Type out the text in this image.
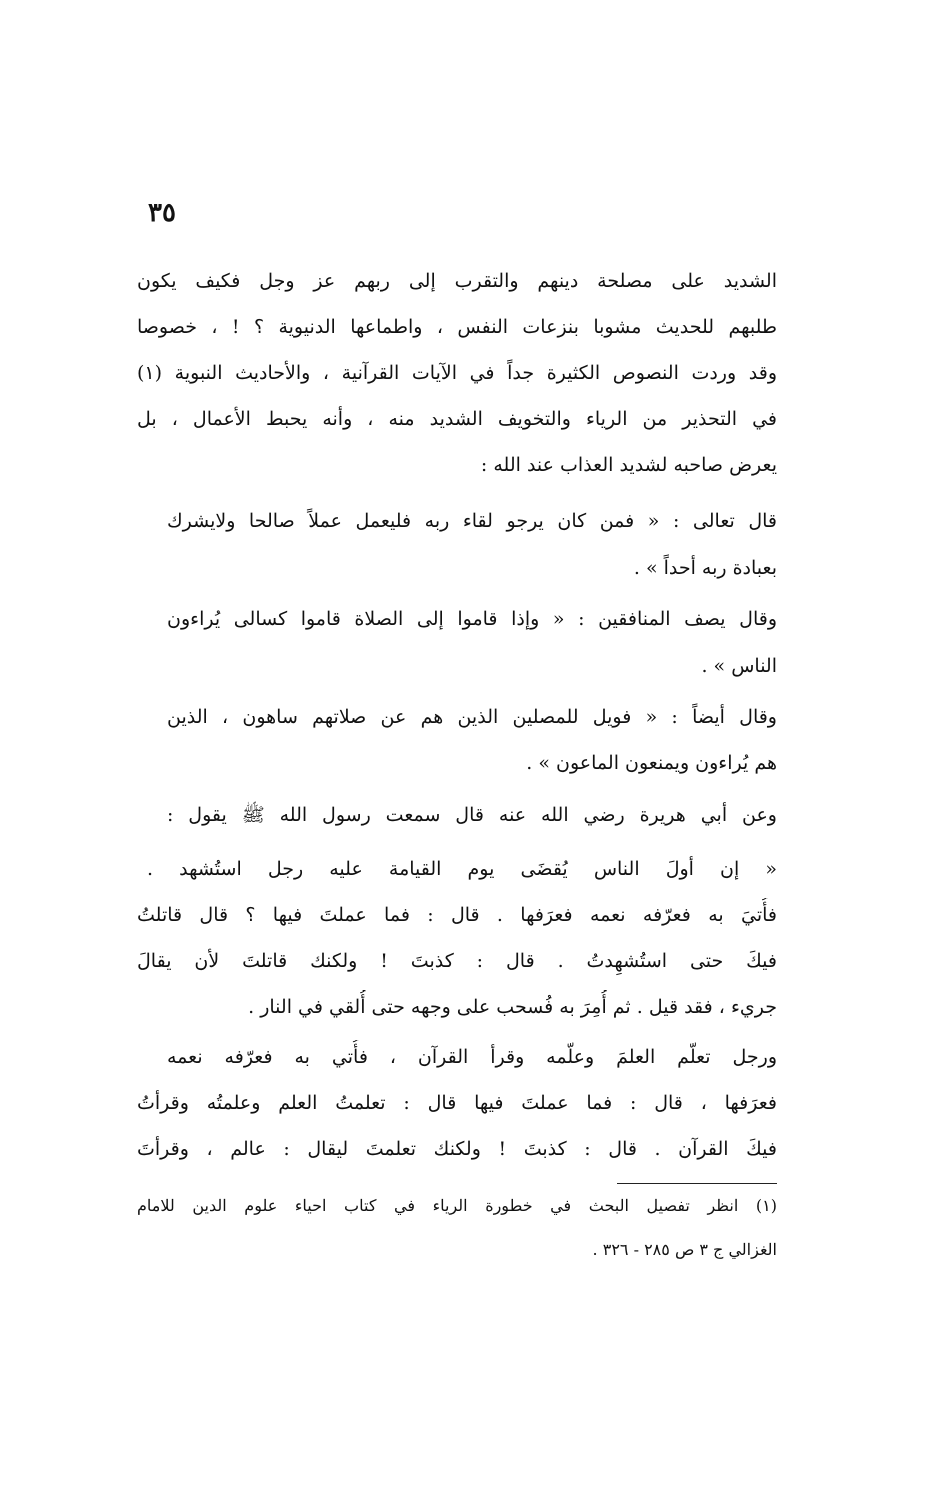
٣٥
الشديد على مصلحة دينهم والتقرب إلى ربهم عز وجل فكيف يكون
طلبهم للحديث مشوبا بنزعات النفس ، واطماعها الدنيوية ؟ ! ، خصوصا
وقد وردت النصوص الكثيرة جداً في الآيات القرآنية ، والأحاديث النبوية (١)
في التحذير من الرياء والتخويف الشديد منه ، وأنه يحبط الأعمال ، بل
يعرض صاحبه لشديد العذاب عند الله :
قال تعالى : « فمن كان يرجو لقاء ربه فليعمل عملاً صالحا ولايشرك
بعبادة ربه أحداً » .
وقال يصف المنافقين : « وإذا قاموا إلى الصلاة قاموا كسالى يُراءون
الناس » .
وقال أيضاً : « فويل للمصلين الذين هم عن صلاتهم ساهون ، الذين
هم يُراءون ويمنعون الماعون » .
وعن أبي هريرة رضي الله عنه قال سمعت رسول الله ﷺ يقول :
« إن أولَ الناس يُقضَى يوم القيامة عليه رجل استُشهد .
فأُتيَ به فعرّفه نعمه فعرَفها . قال : فما عملتَ فيها ؟ قال قاتلتُ
فيكَ حتى استُشهِدتُ . قال : كذبتَ ! ولكنك قاتلتَ لأن يقالَ
جريء ، فقد قيل . ثم أُمِرَ به فُسحب على وجهه حتى أُلقي في النار .
ورجل تعلّم العلمَ وعلّمه وقرأ القرآن ، فأُتي به فعرّفه نعمه
فعرَفها ، قال : فما عملتَ فيها قال : تعلمتُ العلم وعلمتُه وقرأتُ
فيكَ القرآن . قال : كذبتَ ! ولكنك تعلمتَ ليقال : عالم ، وقرأتَ
(١) انظر تفصيل البحث في خطورة الرياء في كتاب احياء علوم الدين للامام
الغزالي ج ٣ ص ٢٨٥ - ٣٢٦ .
